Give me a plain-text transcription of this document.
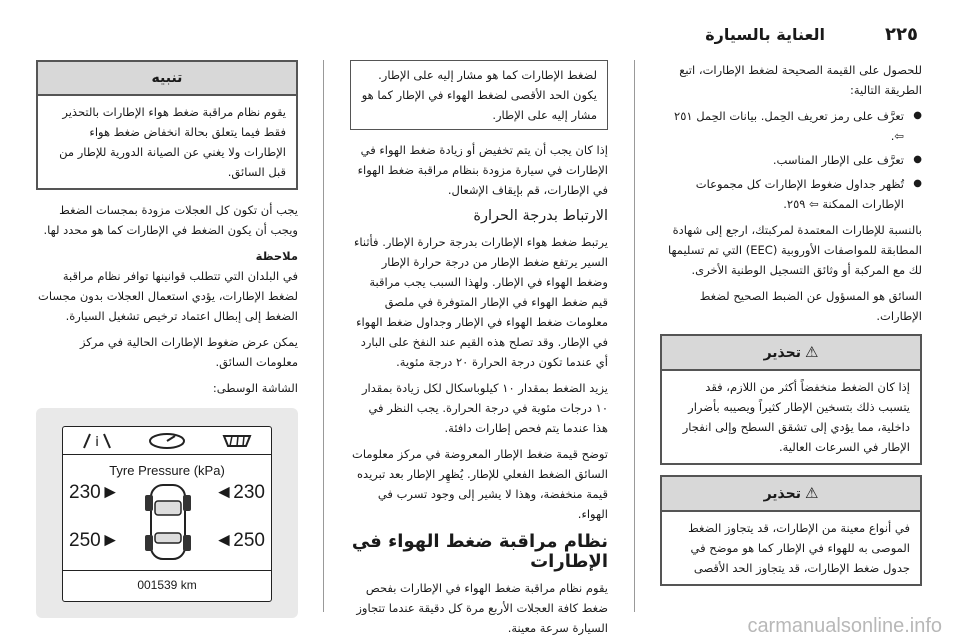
٢٢٥
العناية بالسيارة

للحصول على القيمة الصحيحة لضغط الإطارات، اتبع الطريقة التالية:

● تعرَّف على رمز تعريف الحِمل. بيانات الحِمل ٢٥١ ⇦.
● تعرَّف على الإطار المناسب.
● تُظهر جداول ضغوط الإطارات كل مجموعات الإطارات الممكنة ⇦ ٢٥٩.

بالنسبة للإطارات المعتمدة لمركبتك، ارجع إلى شهادة المطابقة للمواصفات الأوروبية (EEC) التي تم تسليمها لك مع المركبة أو وثائق التسجيل الوطنية الأخرى.

السائق هو المسؤول عن الضبط الصحيح لضغط الإطارات.

⚠تحذير
إذا كان الضغط منخفضاً أكثر من اللازم، فقد يتسبب ذلك بتسخين الإطار كثيراً ويصيبه بأضرار داخلية، مما يؤدي إلى تشقق السطح وإلى انفجار الإطار في السرعات العالية.
⚠تحذير
في أنواع معينة من الإطارات، قد يتجاوز الضغط الموصى به للهواء في الإطار كما هو موضح في جدول ضغط الإطارات، قد يتجاوز الحد الأقصى
لضغط الإطارات كما هو مشار إليه على الإطار. يكون الحد الأقصى لضغط الهواء في الإطار كما هو مشار إليه على الإطار.

إذا كان يجب أن يتم تخفيض أو زيادة ضغط الهواء في الإطارات في سيارة مزودة بنظام مراقبة ضغط الهواء في الإطارات، قم بإيقاف الإشعال.

الارتباط بدرجة الحرارة

يرتبط ضغط هواء الإطارات بدرجة حرارة الإطار. فأثناء السير يرتفع ضغط الإطار من درجة حرارة الإطار وضغط الهواء في الإطار. ولهذا السبب يجب مراقبة قيم ضغط الهواء في الإطار المتوفرة في ملصق معلومات ضغط الهواء في الإطار وجداول ضغط الهواء في الإطار. وقد تصلح هذه القيم عند النفخ على البارد أي عندما تكون درجة الحرارة ٢٠ درجة مئوية.

يزيد الضغط بمقدار ١٠ كيلوباسكال لكل زيادة بمقدار ١٠ درجات مئوية في درجة الحرارة. يجب النظر في هذا عندما يتم فحص إطارات دافئة.

توضح قيمة ضغط الإطار المعروضة في مركز معلومات السائق الضغط الفعلي للإطار. يُظهِر الإطار بعد تبريده قيمة منخفضة، وهذا لا يشير إلى وجود تسرب في الهواء.

نظام مراقبة ضغط الهواء في الإطارات

يقوم نظام مراقبة ضغط الهواء في الإطارات بفحص ضغط كافة العجلات الأربع مرة كل دقيقة عندما تتجاوز السيارة سرعة معينة.

تنبيه
يقوم نظام مراقبة ضغط هواء الإطارات بالتحذير فقط فيما يتعلق بحالة انخفاض ضغط هواء الإطارات ولا يغني عن الصيانة الدورية للإطار من قبل السائق.

يجب أن تكون كل العجلات مزودة بمجسات الضغط ويجب أن يكون الضغط في الإطارات كما هو محدد لها.

ملاحظة

في البلدان التي تتطلب قوانينها توافر نظام مراقبة لضغط الإطارات، يؤدي استعمال العجلات بدون مجسات الضغط إلى إبطال اعتماد ترخيص تشغيل السيارة.

يمكن عرض ضغوط الإطارات الحالية في مركز معلومات السائق.

الشاشة الوسطى:

i
Tyre Pressure (kPa)
230►	◄230
250►	◄250
001539 km
carmanualsonline.info
